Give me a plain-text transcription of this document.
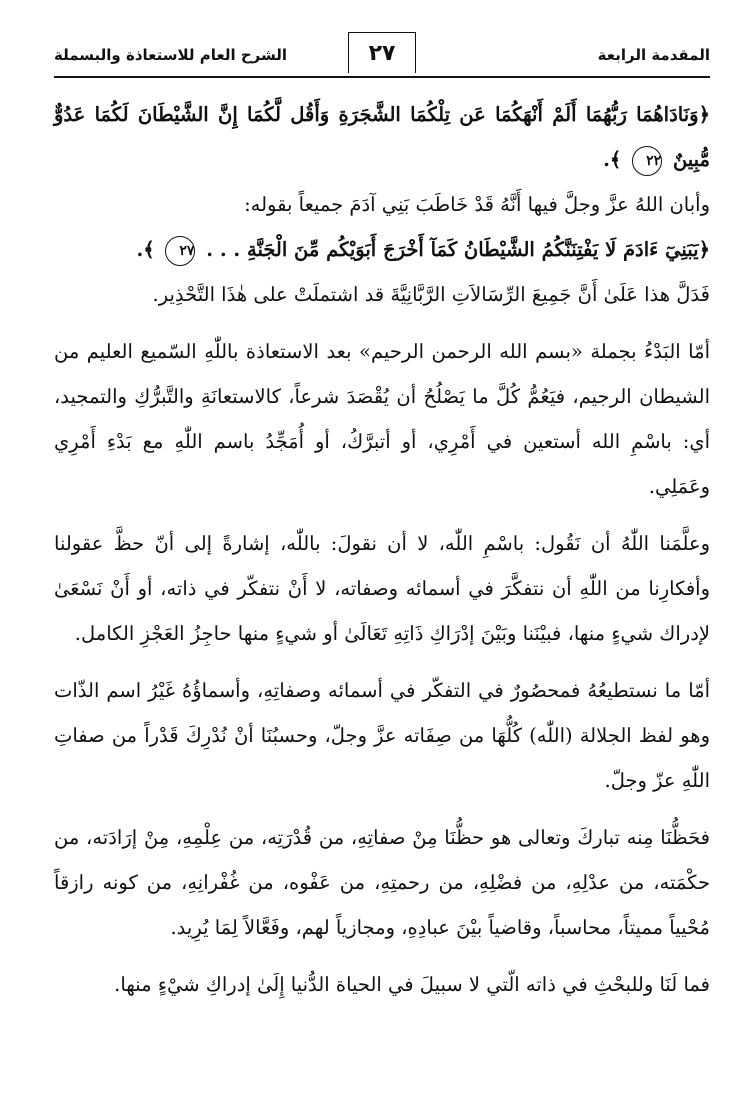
المقدمة الرابعة
٢٧
الشرح العام للاستعاذة والبسملة

﴿وَنَادَاهُمَا رَبُّهُمَا أَلَمْ أَنْهَكُمَا عَن تِلْكُمَا الشَّجَرَةِ وَأَقُل لَّكُمَا إِنَّ الشَّيْطَانَ لَكُمَا عَدُوٌّ مُّبِينٌ ٢٢ ﴾.

وأبان اللهُ عزَّ وجلَّ فيها أَنَّهُ قَدْ خَاطَبَ بَنِي آدَمَ جميعاً بقوله:

﴿يَبَنِيٓ ءَادَمَ لَا يَفْتِنَنَّكُمُ الشَّيْطَانُ كَمَآ أَخْرَجَ أَبَوَيْكُم مِّنَ الْجَنَّةِ . . . ٢٧ ﴾.

فَدَلَّ هذا عَلَىٰ أَنَّ جَمِيعَ الرِّسَالاَتِ الرَّبَّانِيَّةَ قد اشتملَتْ على هٰذَا التَّحْذِير.

أمّا البَدْءُ بجملة «بسم الله الرحمن الرحيم» بعد الاستعاذة باللّٰهِ السّميع العليم من الشيطان الرجيم، فيَعُمُّ كُلَّ ما يَصْلُحُ أن يُقْصَدَ شرعاً، كالاستعانَةِ والتَّبرُّكِ والتمجيد، أي: باسْمِ الله أستعين في أَمْرِي، أو أتبرَّكُ، أو أُمَجِّدُ باسم اللّٰهِ مع بَدْءِ أَمْرِي وعَمَلِي.

وعلَّمَنا اللّٰهُ أن نَقُول: باسْمِ اللّٰه، لا أن نقولَ: باللّٰه، إشارةً إلى أنّ حظَّ عقولنا وأفكارِنا من اللّٰهِ أن نتفكَّرَ في أسمائه وصفاته، لا أَنْ نتفكّر في ذاته، أو أَنْ نَسْعَىٰ لإدراك شيءٍ منها، فبيْنَنا وبَيْنَ إدْرَاكِ ذَاتِهِ تَعَالَىٰ أو شيءٍ منها حاجِزُ العَجْزِ الكامل.

أمّا ما نستطيعُهُ فمحصُورٌ في التفكّر في أسمائه وصفاتِهِ، وأسماؤُهُ غَيْرُ اسم الذّات وهو لفظ الجلالة (اللّٰه) كُلُّهَا من صِفَاته عزَّ وجلّ، وحسبُنَا أنْ نُدْرِكَ قَدْراً من صفاتِ اللّٰهِ عزّ وجلّ.

فحَظُّنَا مِنه تباركَ وتعالى هو حظُّنَا مِنْ صفاتِهِ، من قُدْرَتِه، من عِلْمِهِ، مِنْ إرَادَته، من حكْمَته، من عدْلِهِ، من فضْلِهِ، من رحمتِهِ، من عَفْوه، من غُفْرانِهِ، من كونه رازقاً مُحْيياً مميتاً، محاسباً، وقاضياً بيْنَ عبادِهِ، ومجازياً لهم، وفَعَّالاً لِمَا يُرِيد.

فما لَنَا وللبحْثِ في ذاته الّتي لا سبيلَ في الحياة الدُّنيا إِلَىٰ إدراكِ شيْءٍ منها.
